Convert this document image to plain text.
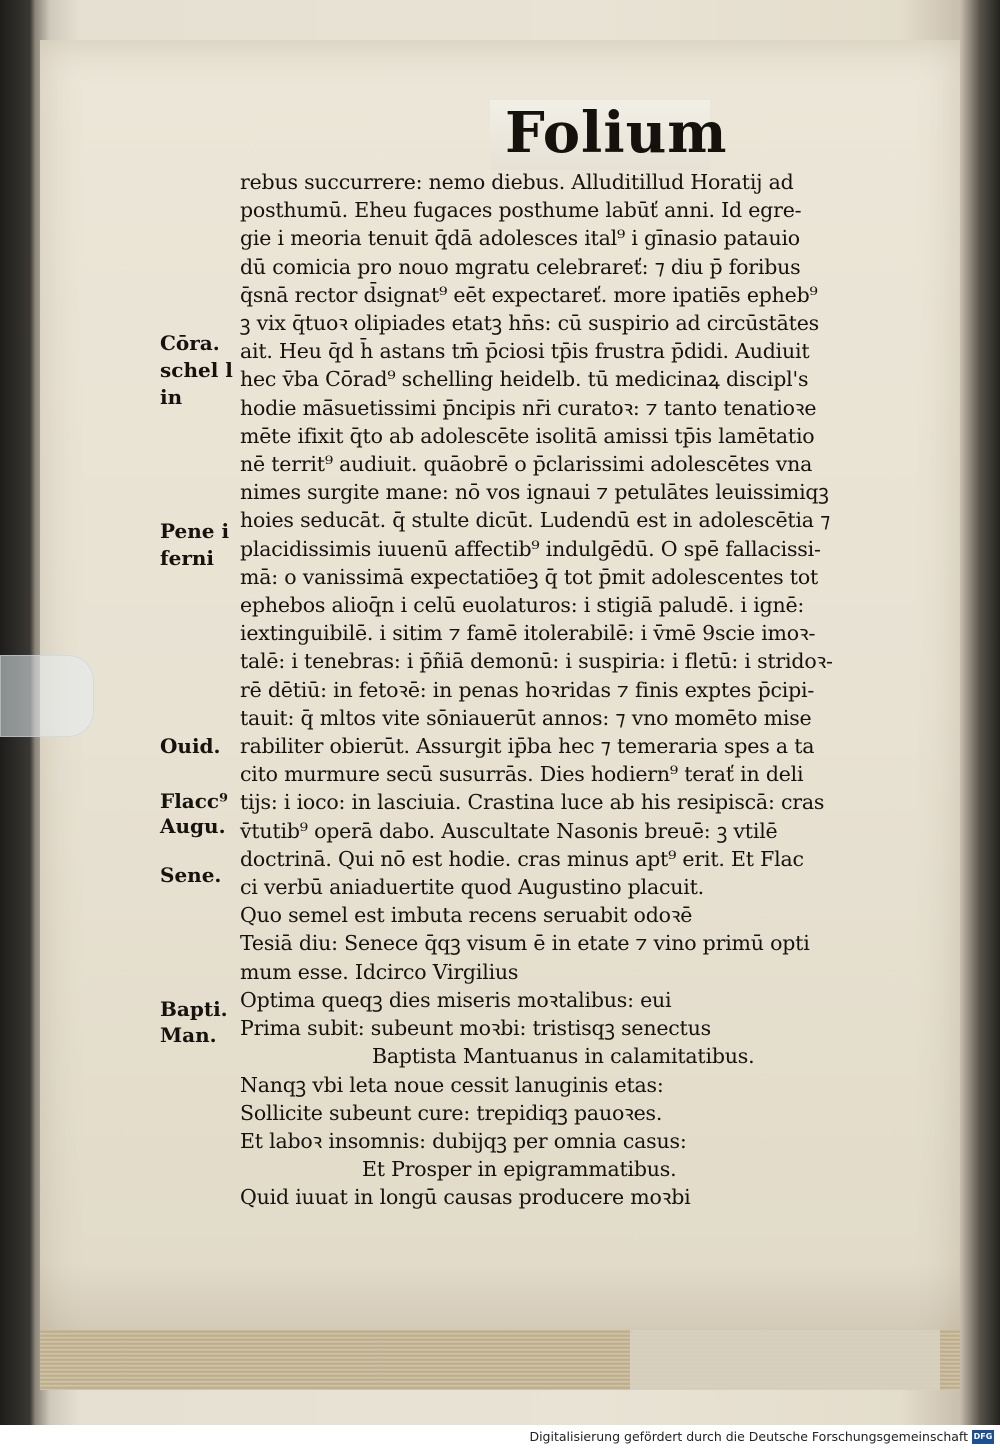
Folium
Cōra. schel l in
Pene i ferni
Ouid.
Flacc⁹
Augu.
Sene.
Bapti.
Man.
rebus succurrere: nemo diebus. Alluditillud Horatij ad
posthumū. Eheu fugaces posthume labūť anni. Id egre-
gie i meoria tenuit q̄dā adolesces ital⁹ i gīnasio patauio
dū comicia pro nouo mgratu celebrareť: ⁊ diu p̄ foribus
q̄snā rector d̄signat⁹ eēt expectareť. more ipatiēs epheb⁹
ꝫ vix q̄tuoꝛ olipiades etatꝫ hn̄s: cū suspirio ad circūstātes
ait. Heu q̄d h̄ astans tm̄ p̄ciosi tp̄is frustra p̄didi. Audiuit
hec v̄ba Cōrad⁹ schelling heidelb. tū medicinaꝝ discipl's
hodie mā̄suetissimi p̄ncipis nr̄i curatoꝛ: ⁊ tanto tenatioꝛe
mēte ifixit q̄to ab adolescēte isolitā amissi tp̄is lamētatio
nē territ⁹ audiuit. quāobrē o p̄clarissimi adolescētes vna
nimes surgite mane: nō vos ignaui ⁊ petulātes leuissimiqꝫ
hoies seducāt. q̄ stulte dicūt. Ludendū est in adolescētia ⁊
placidissimis iuuenū affectib⁹ indulgēdū. O spē fallacissi-
mā: o vanissimā expectatiōeꝫ q̄ tot p̄mit adolescentes tot
ephebos alioq̄n i celū euolaturos: i stigiā paludē. i ignē:
iextinguibilē. i sitim ⁊ famē itolerabilē: i v̄mē 9scie imoꝛ-
talē: i tenebras: i p̄ñiā demonū: i suspiria: i fletū: i stridoꝛ-
rē dētiū: in fetoꝛē: in penas hoꝛridas ⁊ finis exptes p̄cipi-
tauit: q̄ mltos vite sōniauerūt annos: ⁊ vno momēto mise
rabiliter obierūt. Assurgit ip̄ba hec ⁊ temeraria spes a ta
cito murmure secū susurrās. Dies hodiern⁹ terať in deli
tijs: i ioco: in lasciuia. Crastina luce ab his resipiscā: cras
v̄tutib⁹ operā dabo. Auscultate Nasonis breuē: ꝫ vtilē
doctrinā. Qui nō est hodie. cras minus apt⁹ erit. Et Flac
ci verbū aniaduertite quod Augustino placuit.
Quo semel est imbuta recens seruabit odoꝛē
Tesiā diu: Senece q̄qꝫ visum ē in etate ⁊ vino primū opti
mum esse. Idcirco Virgilius
Optima queqꝫ dies miseris moꝛtalibus: eui
Prima subit: subeunt moꝛbi: tristisqꝫ senectus
Baptista Mantuanus in calamitatibus.
Nanqꝫ vbi leta noue cessit lanuginis etas:
Sollicite subeunt cure: trepidiqꝫ pauoꝛes.
Et laboꝛ insomnis: dubijqꝫ per omnia casus:
Et Prosper in epigrammatibus.
Quid iuuat in longū causas producere moꝛbi
Digitalisierung gefördert durch die Deutsche Forschungsgemeinschaft DFG
